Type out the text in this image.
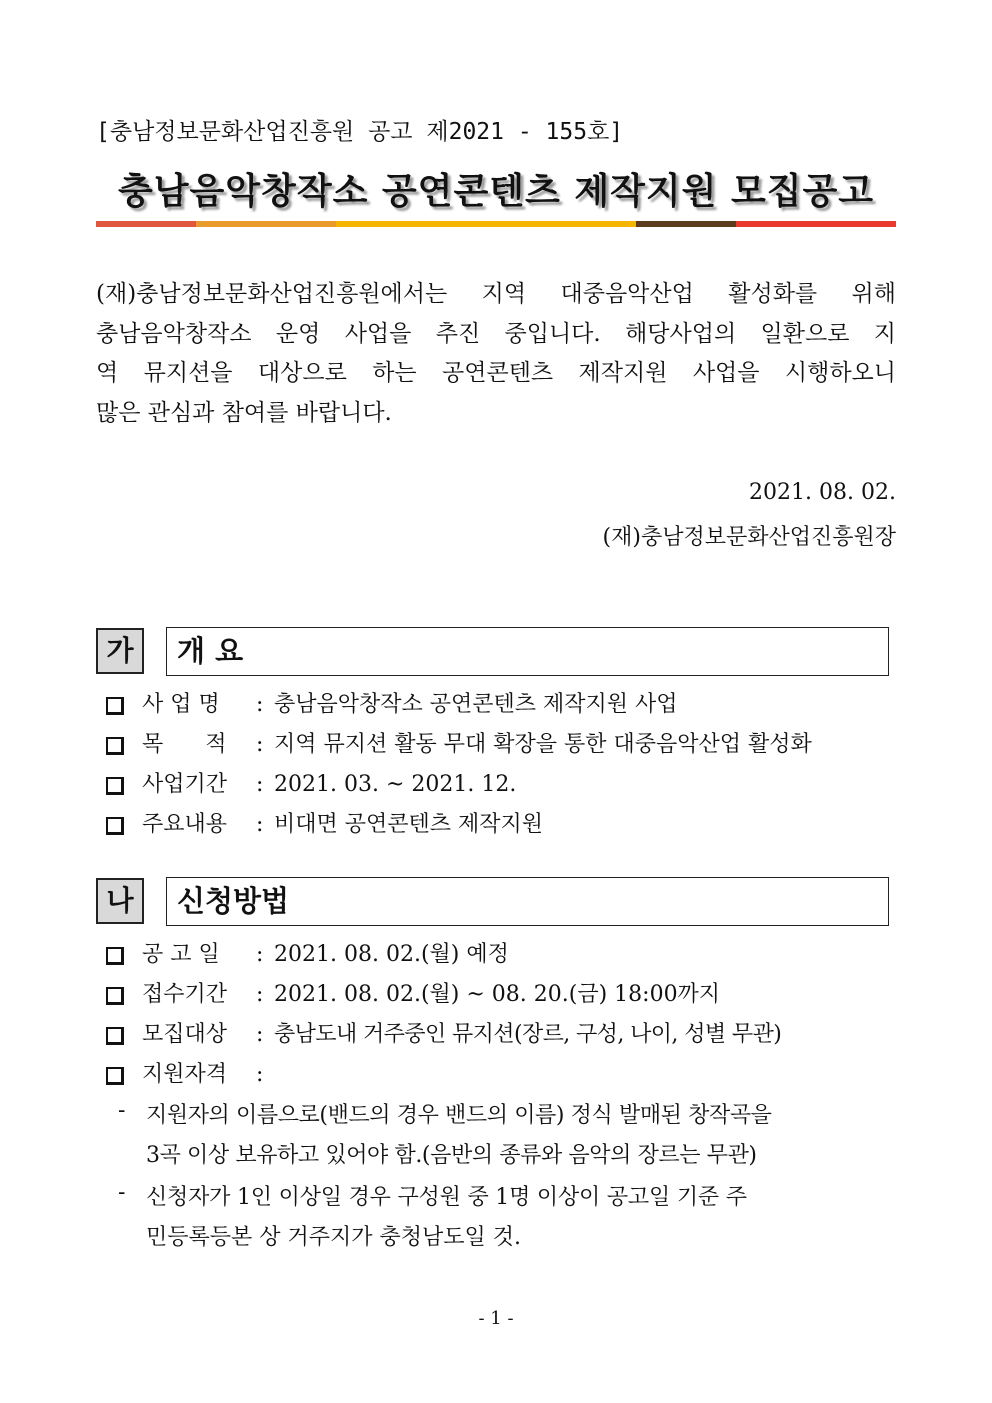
[충남정보문화산업진흥원 공고 제2021 - 155호]
충남음악창작소 공연콘텐츠 제작지원 모집공고
(재)충남정보문화산업진흥원에서는 지역 대중음악산업 활성화를 위해
충남음악창작소 운영 사업을 추진 중입니다. 해당사업의 일환으로 지
역 뮤지션을 대상으로 하는 공연콘텐츠 제작지원 사업을 시행하오니
많은 관심과 참여를 바랍니다.
2021. 08. 02.
(재)충남정보문화산업진흥원장
가	개 요
사 업 명 : 충남음악창작소 공연콘텐츠 제작지원 사업
목      적 : 지역 뮤지션 활동 무대 확장을 통한 대중음악산업 활성화
사업기간 : 2021. 03. ~ 2021. 12.
주요내용 : 비대면 공연콘텐츠 제작지원
나	신청방법
공 고 일 : 2021. 08. 02.(월) 예정
접수기간 : 2021. 08. 02.(월) ~ 08. 20.(금) 18:00까지
모집대상 : 충남도내 거주중인 뮤지션(장르, 구성, 나이, 성별 무관)
지원자격 :
- 지원자의 이름으로(밴드의 경우 밴드의 이름) 정식 발매된 창작곡을
3곡 이상 보유하고 있어야 함.(음반의 종류와 음악의 장르는 무관)
- 신청자가 1인 이상일 경우 구성원 중 1명 이상이 공고일 기준 주
민등록등본 상 거주지가 충청남도일 것.
- 1 -
